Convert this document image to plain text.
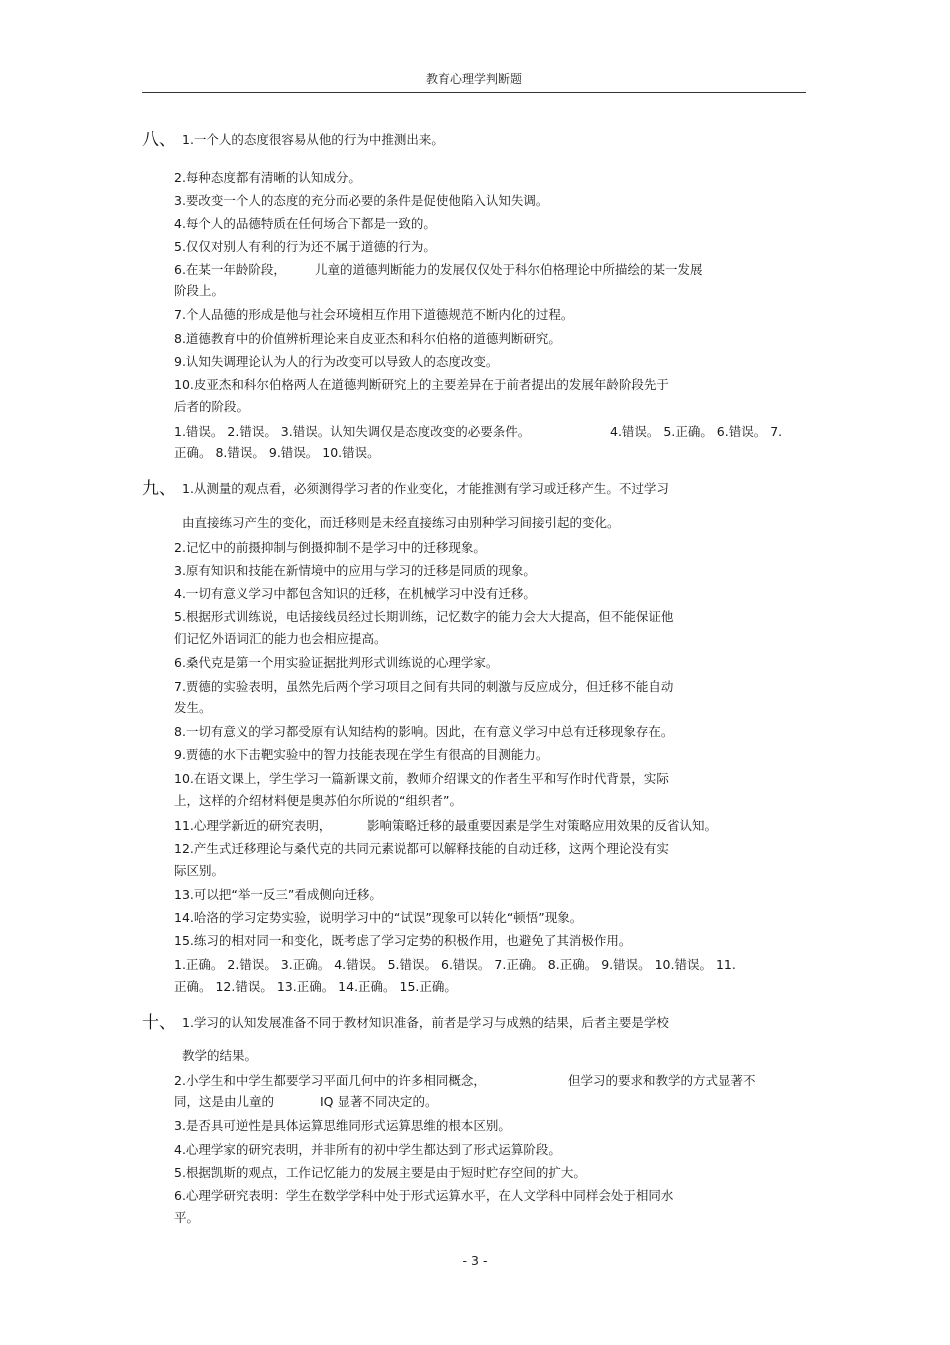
教育心理学判断题
八、 1.一个人的态度很容易从他的行为中推测出来。
2.每种态度都有清晰的认知成分。
3.要改变一个人的态度的充分而必要的条件是促使他陷入认知失调。
4.每个人的品德特质在任何场合下都是一致的。
5.仅仅对别人有利的行为还不属于道德的行为。
6.在某一年龄阶段， 儿童的道德判断能力的发展仅仅处于科尔伯格理论中所描绘的某一发展
阶段上。
7.个人品德的形成是他与社会环境相互作用下道德规范不断内化的过程。
8.道德教育中的价值辨析理论来自皮亚杰和科尔伯格的道德判断研究。
9.认知失调理论认为人的行为改变可以导致人的态度改变。
10.皮亚杰和科尔伯格两人在道德判断研究上的主要差异在于前者提出的发展年龄阶段先于
后者的阶段。
1.错误。 2.错误。 3.错误。认知失调仅是态度改变的必要条件。	4.错误。 5.正确。 6.错误。 7.
正确。 8.错误。 9.错误。 10.错误。
九、 1.从测量的观点看，必须测得学习者的作业变化，才能推测有学习或迁移产生。不过学习
由直接练习产生的变化，而迁移则是未经直接练习由别种学习间接引起的变化。
2.记忆中的前摄抑制与倒摄抑制不是学习中的迁移现象。
3.原有知识和技能在新情境中的应用与学习的迁移是同质的现象。
4.一切有意义学习中都包含知识的迁移，在机械学习中没有迁移。
5.根据形式训练说，电话接线员经过长期训练，记忆数字的能力会大大提高，但不能保证他
们记忆外语词汇的能力也会相应提高。
6.桑代克是第一个用实验证据批判形式训练说的心理学家。
7.贾德的实验表明，虽然先后两个学习项目之间有共同的刺激与反应成分，但迁移不能自动
发生。
8.一切有意义的学习都受原有认知结构的影响。因此，在有意义学习中总有迁移现象存在。
9.贾德的水下击靶实验中的智力技能表现在学生有很高的目测能力。
10.在语文课上，学生学习一篇新课文前，教师介绍课文的作者生平和写作时代背景，实际
上，这样的介绍材料便是奥苏伯尔所说的“组织者”。
11.心理学新近的研究表明，	影响策略迁移的最重要因素是学生对策略应用效果的反省认知。
12.产生式迁移理论与桑代克的共同元素说都可以解释技能的自动迁移，这两个理论没有实
际区别。
13.可以把“举一反三”看成侧向迁移。
14.哈洛的学习定势实验，说明学习中的“试误”现象可以转化“顿悟”现象。
15.练习的相对同一和变化，既考虑了学习定势的积极作用，也避免了其消极作用。
1.正确。 2.错误。 3.正确。 4.错误。 5.错误。 6.错误。 7.正确。 8.正确。 9.错误。 10.错误。 11.
正确。 12.错误。 13.正确。 14.正确。 15.正确。
十、 1.学习的认知发展准备不同于教材知识准备，前者是学习与成熟的结果，后者主要是学校
教学的结果。
2.小学生和中学生都要学习平面几何中的许多相同概念，	但学习的要求和教学的方式显著不
同，这是由儿童的	IQ 显著不同决定的。
3.是否具可逆性是具体运算思维同形式运算思维的根本区别。
4.心理学家的研究表明，并非所有的初中学生都达到了形式运算阶段。
5.根据凯斯的观点，工作记忆能力的发展主要是由于短时贮存空间的扩大。
6.心理学研究表明：学生在数学学科中处于形式运算水平，在人文学科中同样会处于相同水
平。
- 3 -
